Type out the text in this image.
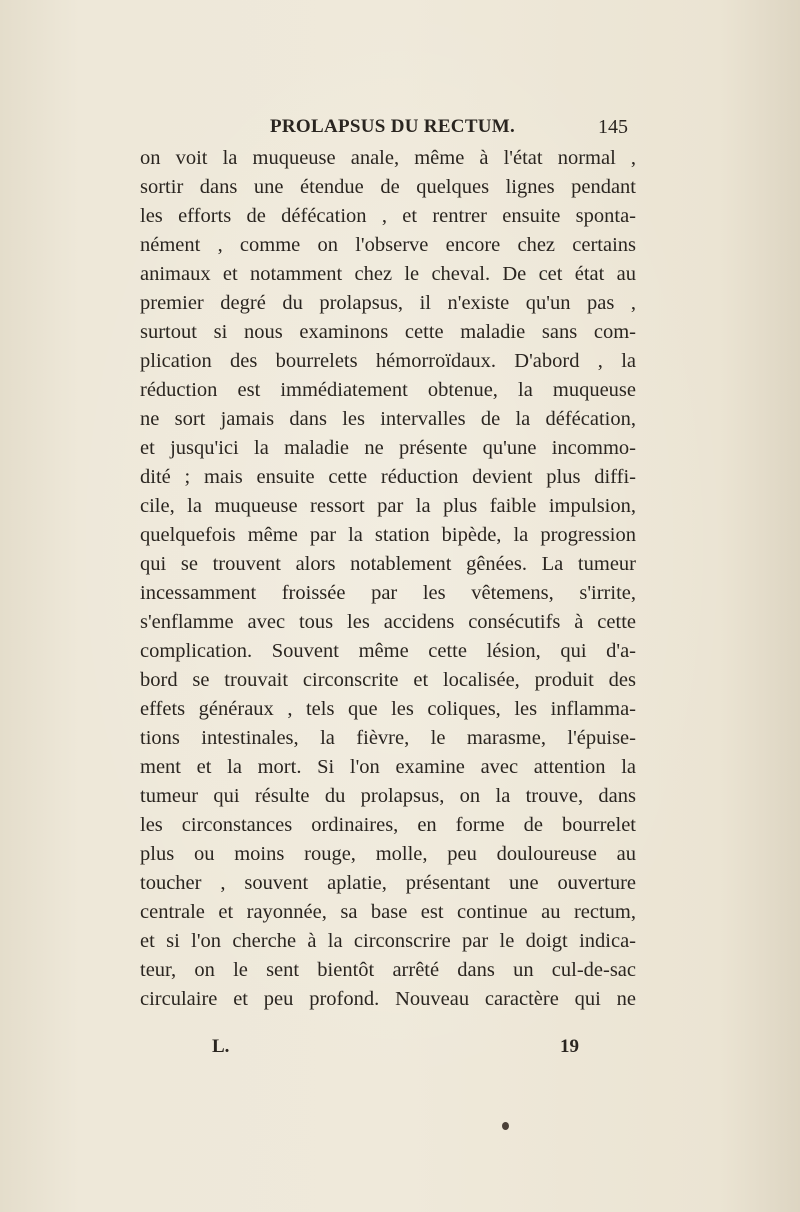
PROLAPSUS DU RECTUM.	145
on voit la muqueuse anale, même à l'état normal ,
sortir dans une étendue de quelques lignes pendant
les efforts de défécation , et rentrer ensuite sponta-
nément , comme on l'observe encore chez certains
animaux et notamment chez le cheval. De cet état au
premier degré du prolapsus, il n'existe qu'un pas ,
surtout si nous examinons cette maladie sans com-
plication des bourrelets hémorroïdaux. D'abord , la
réduction est immédiatement obtenue, la muqueuse
ne sort jamais dans les intervalles de la défécation,
et jusqu'ici la maladie ne présente qu'une incommo-
dité ; mais ensuite cette réduction devient plus diffi-
cile, la muqueuse ressort par la plus faible impulsion,
quelquefois même par la station bipède, la progression
qui se trouvent alors notablement gênées. La tumeur
incessamment froissée par les vêtemens, s'irrite,
s'enflamme avec tous les accidens consécutifs à cette
complication. Souvent même cette lésion, qui d'a-
bord se trouvait circonscrite et localisée, produit des
effets généraux , tels que les coliques, les inflamma-
tions intestinales, la fièvre, le marasme, l'épuise-
ment et la mort. Si l'on examine avec attention la
tumeur qui résulte du prolapsus, on la trouve, dans
les circonstances ordinaires, en forme de bourrelet
plus ou moins rouge, molle, peu douloureuse au
toucher , souvent aplatie, présentant une ouverture
centrale et rayonnée, sa base est continue au rectum,
et si l'on cherche à la circonscrire par le doigt indica-
teur, on le sent bientôt arrêté dans un cul-de-sac
circulaire et peu profond. Nouveau caractère qui ne
L.	19
